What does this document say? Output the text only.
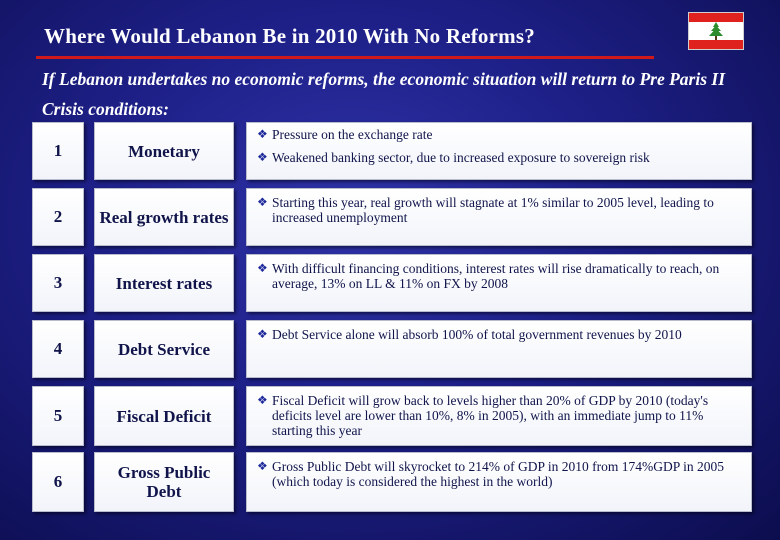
Where Would Lebanon Be in 2010 With No Reforms?
If Lebanon undertakes no economic reforms, the economic situation will return to Pre Paris II Crisis conditions:
1	Monetary
❖ Pressure on the exchange rate
❖ Weakened banking sector, due to increased exposure to sovereign risk
2	Real growth rates
❖ Starting this year, real growth will stagnate at 1% similar to 2005 level, leading to increased unemployment
3	Interest rates
❖ With difficult financing conditions, interest rates will rise dramatically to reach, on average, 13% on LL & 11% on FX by 2008
4	Debt Service
❖ Debt Service alone will absorb 100% of total government revenues by 2010
5	Fiscal Deficit
❖ Fiscal Deficit will grow back to levels higher than 20% of GDP by 2010 (today's deficits level are lower than 10%, 8% in 2005), with an immediate jump to 11% starting this year
6	Gross Public Debt
❖ Gross Public Debt will skyrocket to 214% of GDP in 2010 from 174%GDP in 2005 (which today is considered the highest in the world)
